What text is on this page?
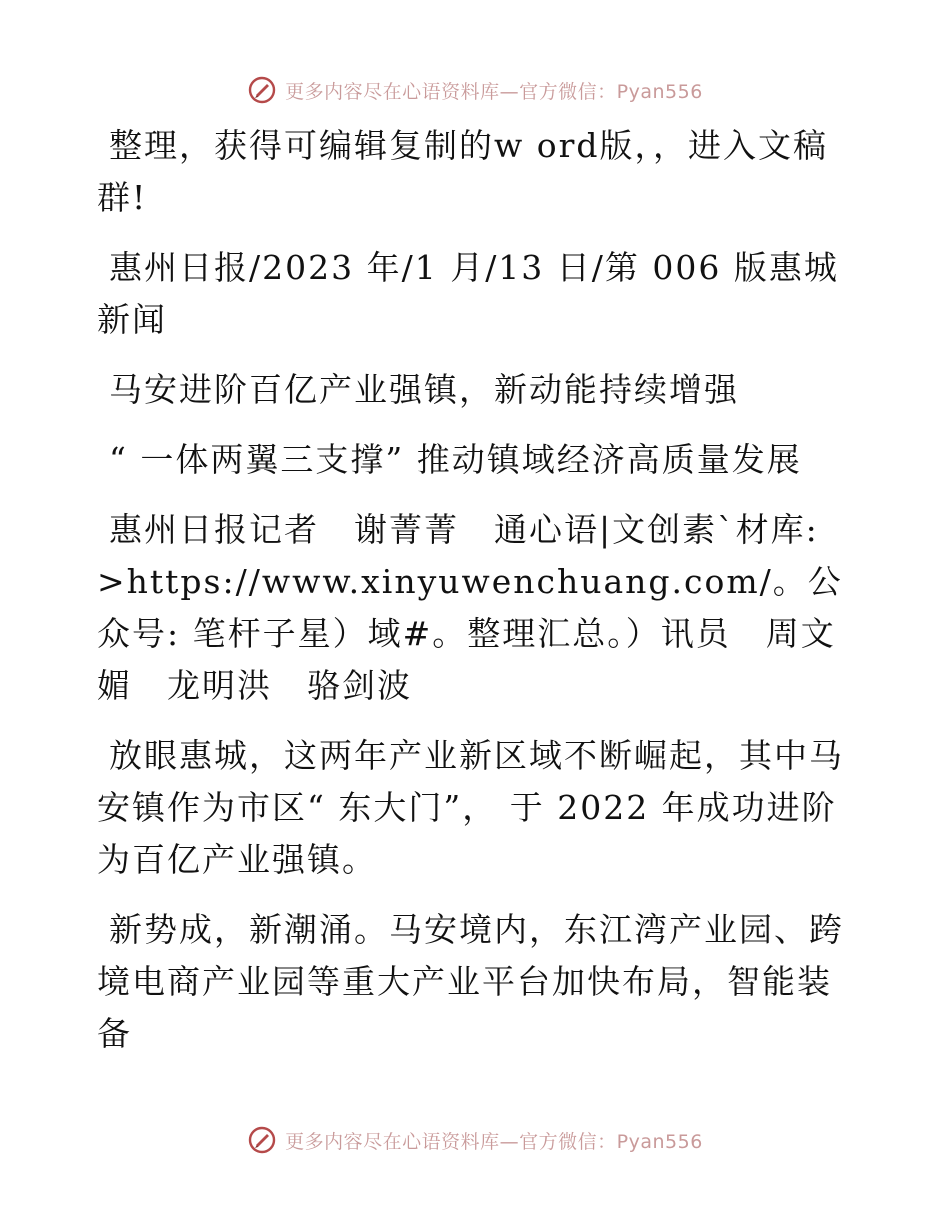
更多内容尽在心语资料库—官方微信：Pyan556

整理，获得可编辑复制的w ord版，，进入文稿群!

惠州日报/2023 年/1 月/13 日/第 006 版惠城新闻

马安进阶百亿产业强镇，新动能持续增强

“ 一体两翼三支撑” 推动镇域经济高质量发展

惠州日报记者　谢菁菁　通心语|文创素`材库: >https://www.xinyuwenchuang.com/。公众号: 笔杆子星）域#。整理汇总。）讯员　周文媚　龙明洪　骆剑波

放眼惠城，这两年产业新区域不断崛起，其中马安镇作为市区“ 东大门”， 于 2022 年成功进阶为百亿产业强镇。

新势成，新潮涌。马安境内，东江湾产业园、跨境电商产业园等重大产业平台加快布局，智能装备

更多内容尽在心语资料库—官方微信：Pyan556
